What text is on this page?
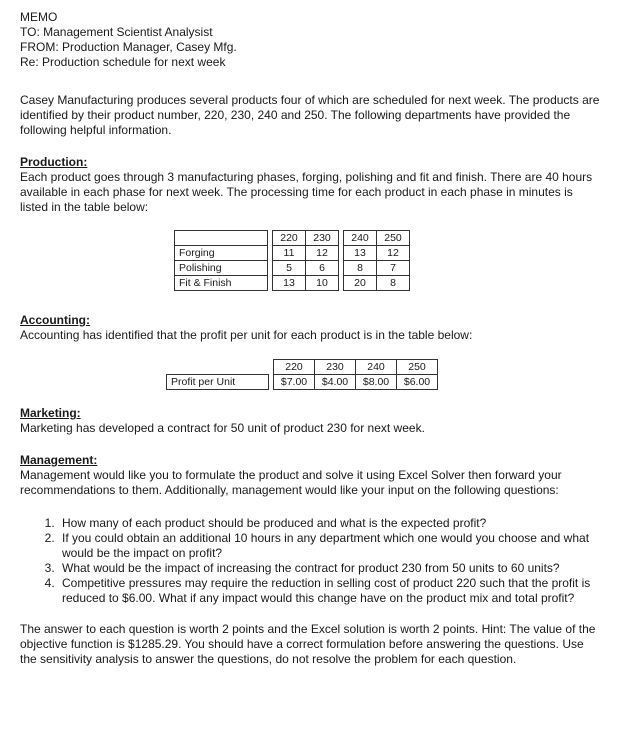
MEMO

TO: Management Scientist Analysist

FROM: Production Manager, Casey Mfg.

Re: Production schedule for next week

Casey Manufacturing produces several products four of which are scheduled for next week. The products are identified by their product number, 220, 230, 240 and 250. The following departments have provided the following helpful information.

Production:

Each product goes through 3 manufacturing phases, forging, polishing and fit and finish. There are 40 hours available in each phase for next week. The processing time for each product in each phase in minutes is listed in the table below:

		220	230		240	250
Forging		11	12		13	12
Polishing		5	6		8	7
Fit & Finish		13	10		20	8

Accounting:

Accounting has identified that the profit per unit for each product is in the table below:

		220	230	240	250
Profit per Unit		$7.00	$4.00	$8.00	$6.00

Marketing:

Marketing has developed a contract for 50 unit of product 230 for next week.

Management:

Management would like you to formulate the product and solve it using Excel Solver then forward your recommendations to them. Additionally, management would like your input on the following questions:

1. How many of each product should be produced and what is the expected profit?
2. If you could obtain an additional 10 hours in any department which one would you choose and what would be the impact on profit?
3. What would be the impact of increasing the contract for product 230 from 50 units to 60 units?
4. Competitive pressures may require the reduction in selling cost of product 220 such that the profit is reduced to $6.00. What if any impact would this change have on the product mix and total profit?

The answer to each question is worth 2 points and the Excel solution is worth 2 points. Hint: The value of the objective function is $1285.29. You should have a correct formulation before answering the questions. Use the sensitivity analysis to answer the questions, do not resolve the problem for each question.
